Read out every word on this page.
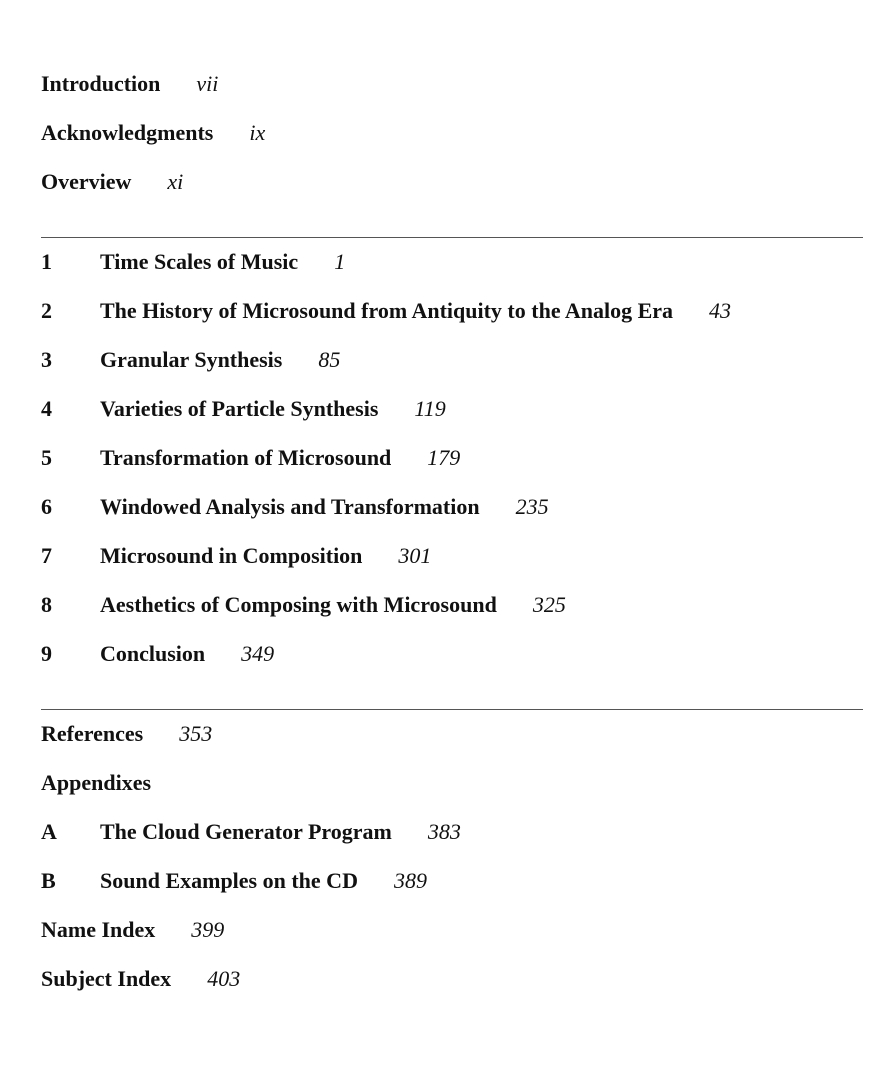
Introduction vii
Acknowledgments ix
Overview xi
1	Time Scales of Music 1
2	The History of Microsound from Antiquity to the Analog Era 43
3	Granular Synthesis 85
4	Varieties of Particle Synthesis 119
5	Transformation of Microsound 179
6	Windowed Analysis and Transformation 235
7	Microsound in Composition 301
8	Aesthetics of Composing with Microsound 325
9	Conclusion 349
References 353
Appendixes
A	The Cloud Generator Program 383
B	Sound Examples on the CD 389
Name Index 399
Subject Index 403
